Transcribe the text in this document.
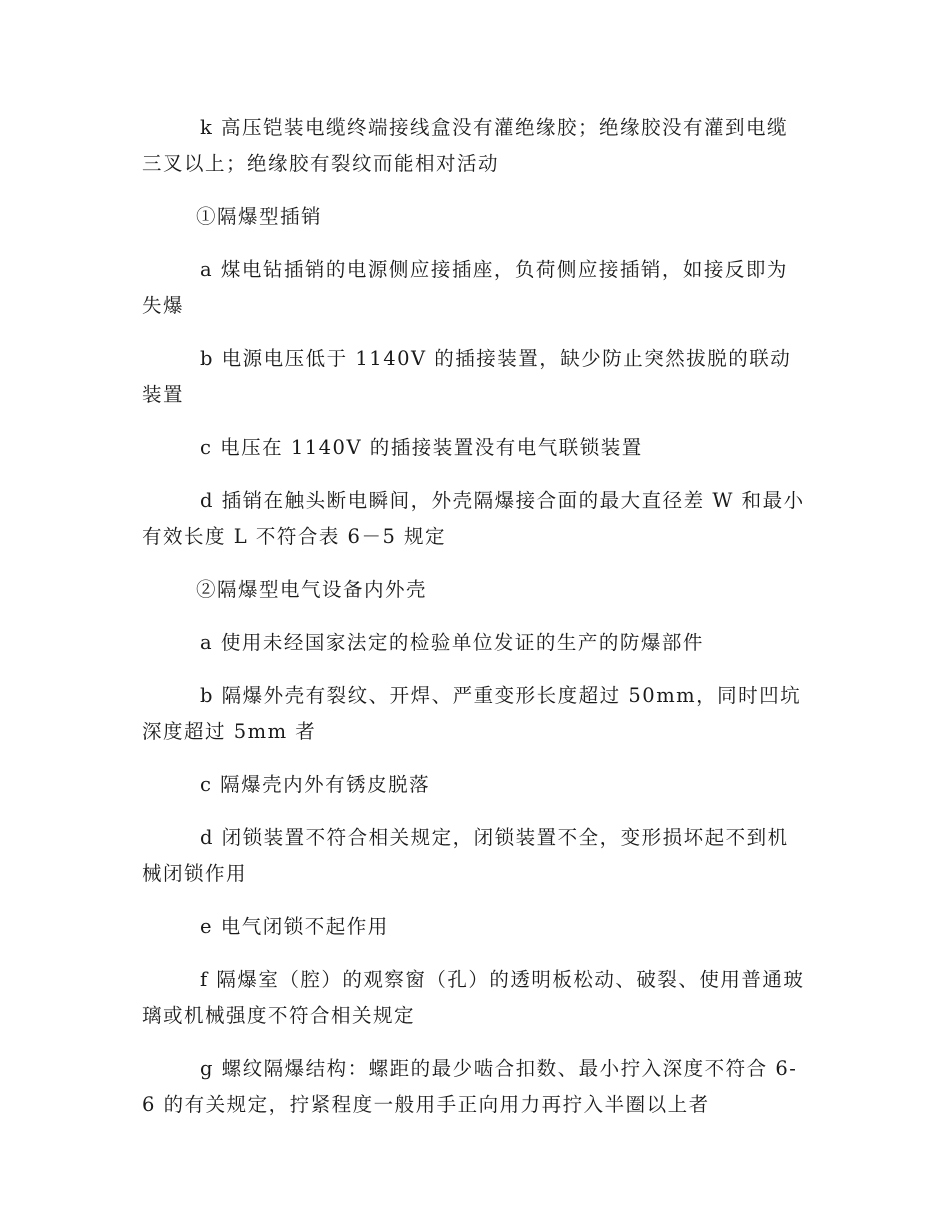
k 高压铠装电缆终端接线盒没有灌绝缘胶；绝缘胶没有灌到电缆三叉以上；绝缘胶有裂纹而能相对活动

①隔爆型插销

a 煤电钻插销的电源侧应接插座，负荷侧应接插销，如接反即为失爆

b 电源电压低于 1140V 的插接装置，缺少防止突然拔脱的联动装置

c 电压在 1140V 的插接装置没有电气联锁装置

d 插销在触头断电瞬间，外壳隔爆接合面的最大直径差 W 和最小有效长度 L 不符合表 6－5 规定

②隔爆型电气设备内外壳

a 使用未经国家法定的检验单位发证的生产的防爆部件

b 隔爆外壳有裂纹、开焊、严重变形长度超过 50mm，同时凹坑深度超过 5mm 者

c 隔爆壳内外有锈皮脱落

d 闭锁装置不符合相关规定，闭锁装置不全，变形损坏起不到机械闭锁作用

e 电气闭锁不起作用

f 隔爆室（腔）的观察窗（孔）的透明板松动、破裂、使用普通玻璃或机械强度不符合相关规定

g 螺纹隔爆结构：螺距的最少啮合扣数、最小拧入深度不符合 6-6 的有关规定，拧紧程度一般用手正向用力再拧入半圈以上者
